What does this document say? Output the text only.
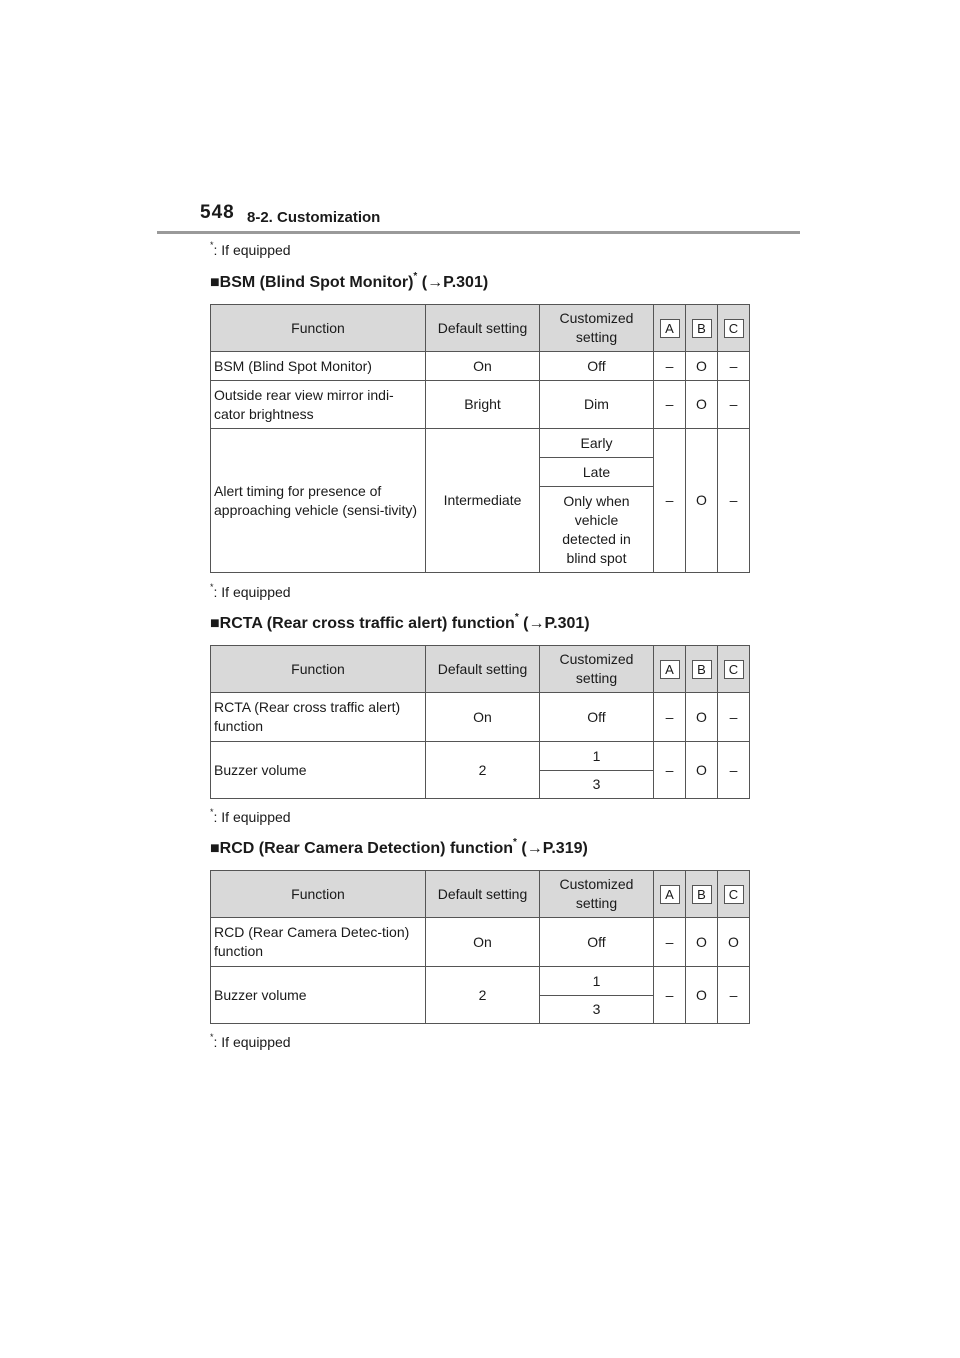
548 8-2. Customization
*: If equipped
■BSM (Blind Spot Monitor)* (→P.301)
Function	Default setting	Customized setting	A	B	C
BSM (Blind Spot Monitor)	On	Off	–	O	–
Outside rear view mirror indi-cator brightness	Bright	Dim	–	O	–
Alert timing for presence of approaching vehicle (sensi-tivity)	Intermediate	Early	–	O	–
		Late			
		Only when vehicle detected in blind spot			
*: If equipped
■RCTA (Rear cross traffic alert) function* (→P.301)
Function	Default setting	Customized setting	A	B	C
RCTA (Rear cross traffic alert) function	On	Off	–	O	–
Buzzer volume	2	1	–	O	–
		3			
*: If equipped
■RCD (Rear Camera Detection) function* (→P.319)
Function	Default setting	Customized setting	A	B	C
RCD (Rear Camera Detec-tion) function	On	Off	–	O	O
Buzzer volume	2	1	–	O	–
		3			
*: If equipped
